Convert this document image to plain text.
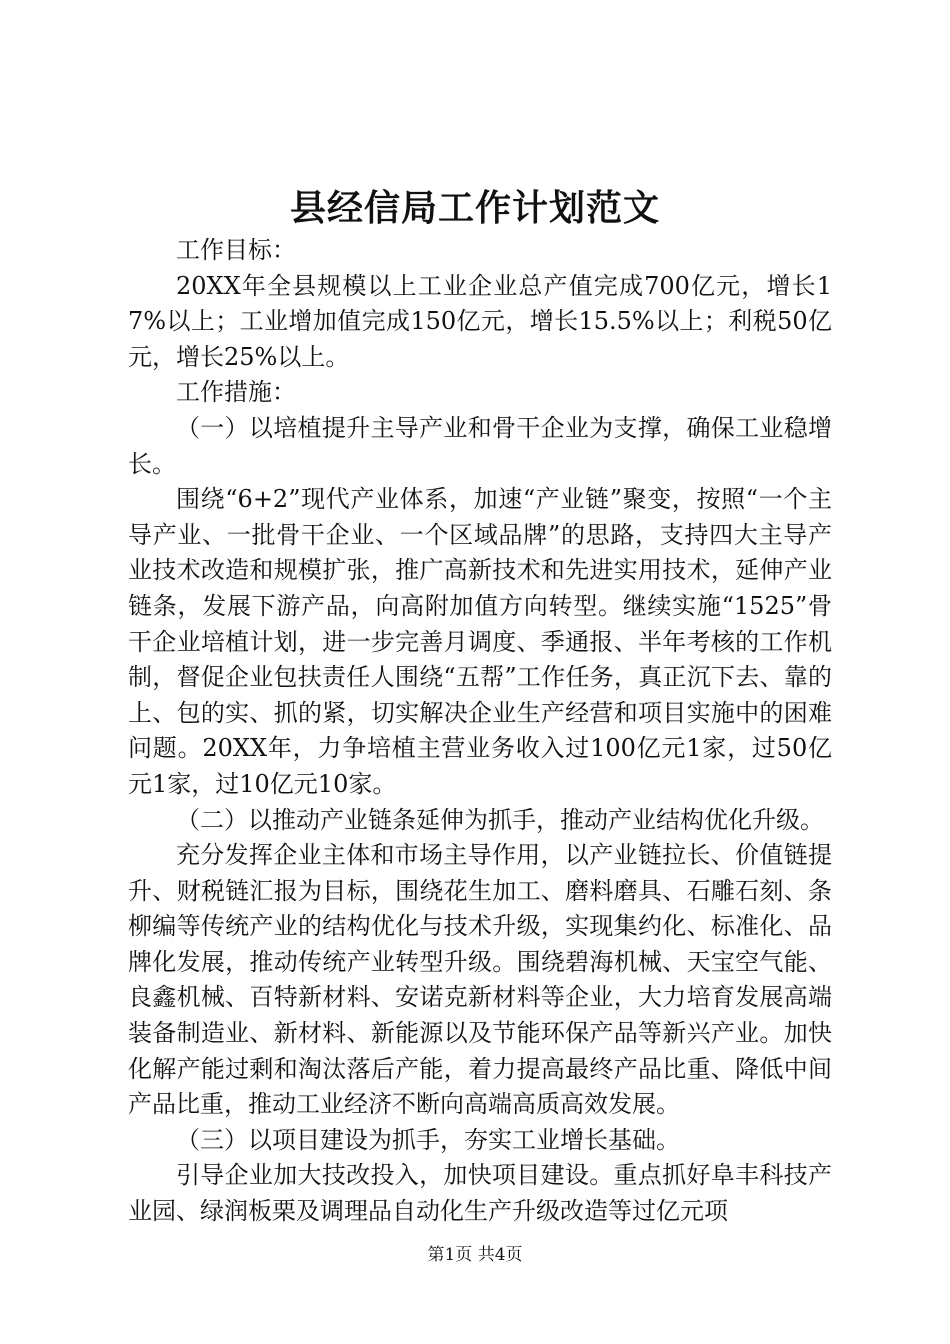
县经信局工作计划范文

工作目标：

20XX年全县规模以上工业企业总产值完成700亿元，增长17%以上；工业增加值完成150亿元，增长15.5%以上；利税50亿元，增长25%以上。

工作措施：

（一）以培植提升主导产业和骨干企业为支撑，确保工业稳增长。

围绕“6+2”现代产业体系，加速“产业链”聚变，按照“一个主导产业、一批骨干企业、一个区域品牌”的思路，支持四大主导产业技术改造和规模扩张，推广高新技术和先进实用技术，延伸产业链条，发展下游产品，向高附加值方向转型。继续实施“1525”骨干企业培植计划，进一步完善月调度、季通报、半年考核的工作机制，督促企业包扶责任人围绕“五帮”工作任务，真正沉下去、靠的上、包的实、抓的紧，切实解决企业生产经营和项目实施中的困难问题。20XX年，力争培植主营业务收入过100亿元1家，过50亿元1家，过10亿元10家。

（二）以推动产业链条延伸为抓手，推动产业结构优化升级。

充分发挥企业主体和市场主导作用，以产业链拉长、价值链提升、财税链汇报为目标，围绕花生加工、磨料磨具、石雕石刻、条柳编等传统产业的结构优化与技术升级，实现集约化、标准化、品牌化发展，推动传统产业转型升级。围绕碧海机械、天宝空气能、良鑫机械、百特新材料、安诺克新材料等企业，大力培育发展高端装备制造业、新材料、新能源以及节能环保产品等新兴产业。加快化解产能过剩和淘汰落后产能，着力提高最终产品比重、降低中间产品比重，推动工业经济不断向高端高质高效发展。

（三）以项目建设为抓手，夯实工业增长基础。

引导企业加大技改投入，加快项目建设。重点抓好阜丰科技产业园、绿润板栗及调理品自动化生产升级改造等过亿元项

第1页 共4页
